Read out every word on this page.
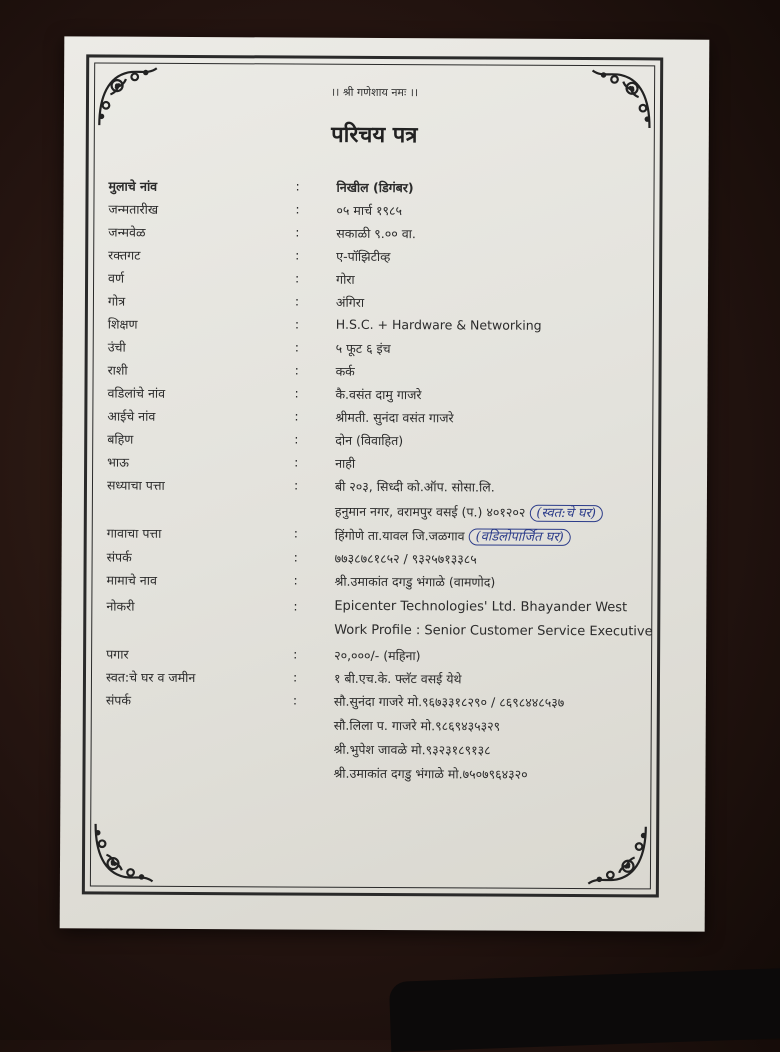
।। श्री गणेशाय नमः ।।
परिचय पत्र
मुलाचे नांव	:	निखील (डिगंबर)
जन्मतारीख	:	०५ मार्च १९८५
जन्मवेळ	:	सकाळी ९.०० वा.
रक्तगट	:	ए-पॉझिटीव्ह
वर्ण	:	गोरा
गोत्र	:	अंगिरा
शिक्षण	:	H.S.C. + Hardware & Networking
उंची	:	५ फूट ६ इंच
राशी	:	कर्क
वडिलांचे नांव	:	कै.वसंत दामु गाजरे
आईचे नांव	:	श्रीमती. सुनंदा वसंत गाजरे
बहिण	:	दोन (विवाहित)
भाऊ	:	नाही
सध्याचा पत्ता	:	बी २०३, सिध्दी को.ऑप. सोसा.लि.
हनुमान नगर, वरामपुर वसई (प.) ४०१२०२ (स्वत:चे घर)
गावाचा पत्ता	:	हिंगोणे ता.यावल जि.जळगाव (वडिलोपार्जित घर)
संपर्क	:	७७३८७८१८५२ / ९३२५७१३३८५
मामाचे नाव	:	श्री.उमाकांत दगडु भंगाळे (वामणोद)
नोकरी	:	Epicenter Technologies' Ltd. Bhayander West
Work Profile : Senior Customer Service Executive
पगार	:	२०,०००/- (महिना)
स्वत:चे घर व जमीन	:	१ बी.एच.के. फ्लॅट वसई येथे
संपर्क	:	सौ.सुनंदा गाजरे मो.९६७३३१८२९० / ८६९८४४८५३७
सौ.लिला प. गाजरे मो.९८६९४३५३२९
श्री.भुपेश जावळे मो.९३२३१८९१३८
श्री.उमाकांत दगडु भंगाळे मो.७५०७९६४३२०
